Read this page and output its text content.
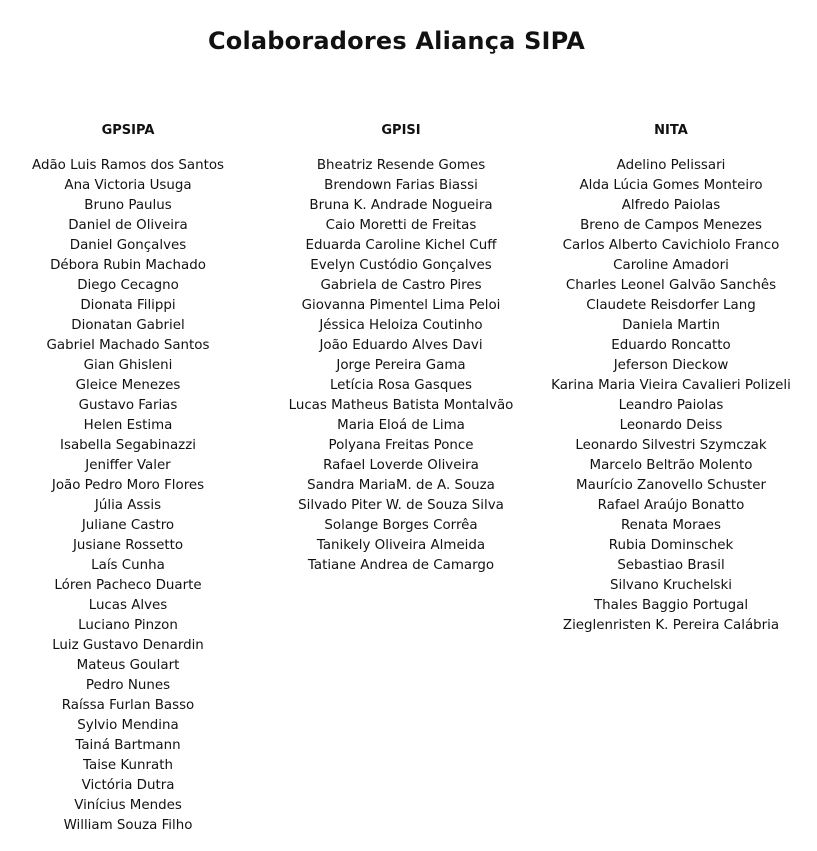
Colaboradores Aliança SIPA
GPSIPA
Adão Luis Ramos dos Santos
Ana Victoria Usuga
Bruno Paulus
Daniel de Oliveira
Daniel Gonçalves
Débora Rubin Machado
Diego Cecagno
Dionata Filippi
Dionatan Gabriel
Gabriel Machado Santos
Gian Ghisleni
Gleice Menezes
Gustavo Farias
Helen Estima
Isabella Segabinazzi
Jeniffer Valer
João Pedro Moro Flores
Júlia Assis
Juliane Castro
Jusiane Rossetto
Laís Cunha
Lóren Pacheco Duarte
Lucas Alves
Luciano Pinzon
Luiz Gustavo Denardin
Mateus Goulart
Pedro Nunes
Raíssa Furlan Basso
Sylvio Mendina
Tainá Bartmann
Taise Kunrath
Victória Dutra
Vinícius Mendes
William Souza Filho
GPISI
Bheatriz Resende Gomes
Brendown Farias Biassi
Bruna K. Andrade Nogueira
Caio Moretti de Freitas
Eduarda Caroline Kichel Cuff
Evelyn Custódio Gonçalves
Gabriela de Castro Pires
Giovanna Pimentel Lima Peloi
Jéssica Heloiza Coutinho
João Eduardo Alves Davi
Jorge Pereira Gama
Letícia Rosa Gasques
Lucas Matheus Batista Montalvão
Maria Eloá de Lima
Polyana Freitas Ponce
Rafael Loverde Oliveira
Sandra MariaM. de A. Souza
Silvado Piter W. de Souza Silva
Solange Borges Corrêa
Tanikely Oliveira Almeida
Tatiane Andrea de Camargo
NITA
Adelino Pelissari
Alda Lúcia Gomes Monteiro
Alfredo Paiolas
Breno de Campos Menezes
Carlos Alberto Cavichiolo Franco
Caroline Amadori
Charles Leonel Galvão Sanchês
Claudete Reisdorfer Lang
Daniela Martin
Eduardo Roncatto
Jeferson Dieckow
Karina Maria Vieira Cavalieri Polizeli
Leandro Paiolas
Leonardo Deiss
Leonardo Silvestri Szymczak
Marcelo Beltrão Molento
Maurício Zanovello Schuster
Rafael Araújo Bonatto
Renata Moraes
Rubia Dominschek
Sebastiao Brasil
Silvano Kruchelski
Thales Baggio Portugal
Zieglenristen K. Pereira Calábria
